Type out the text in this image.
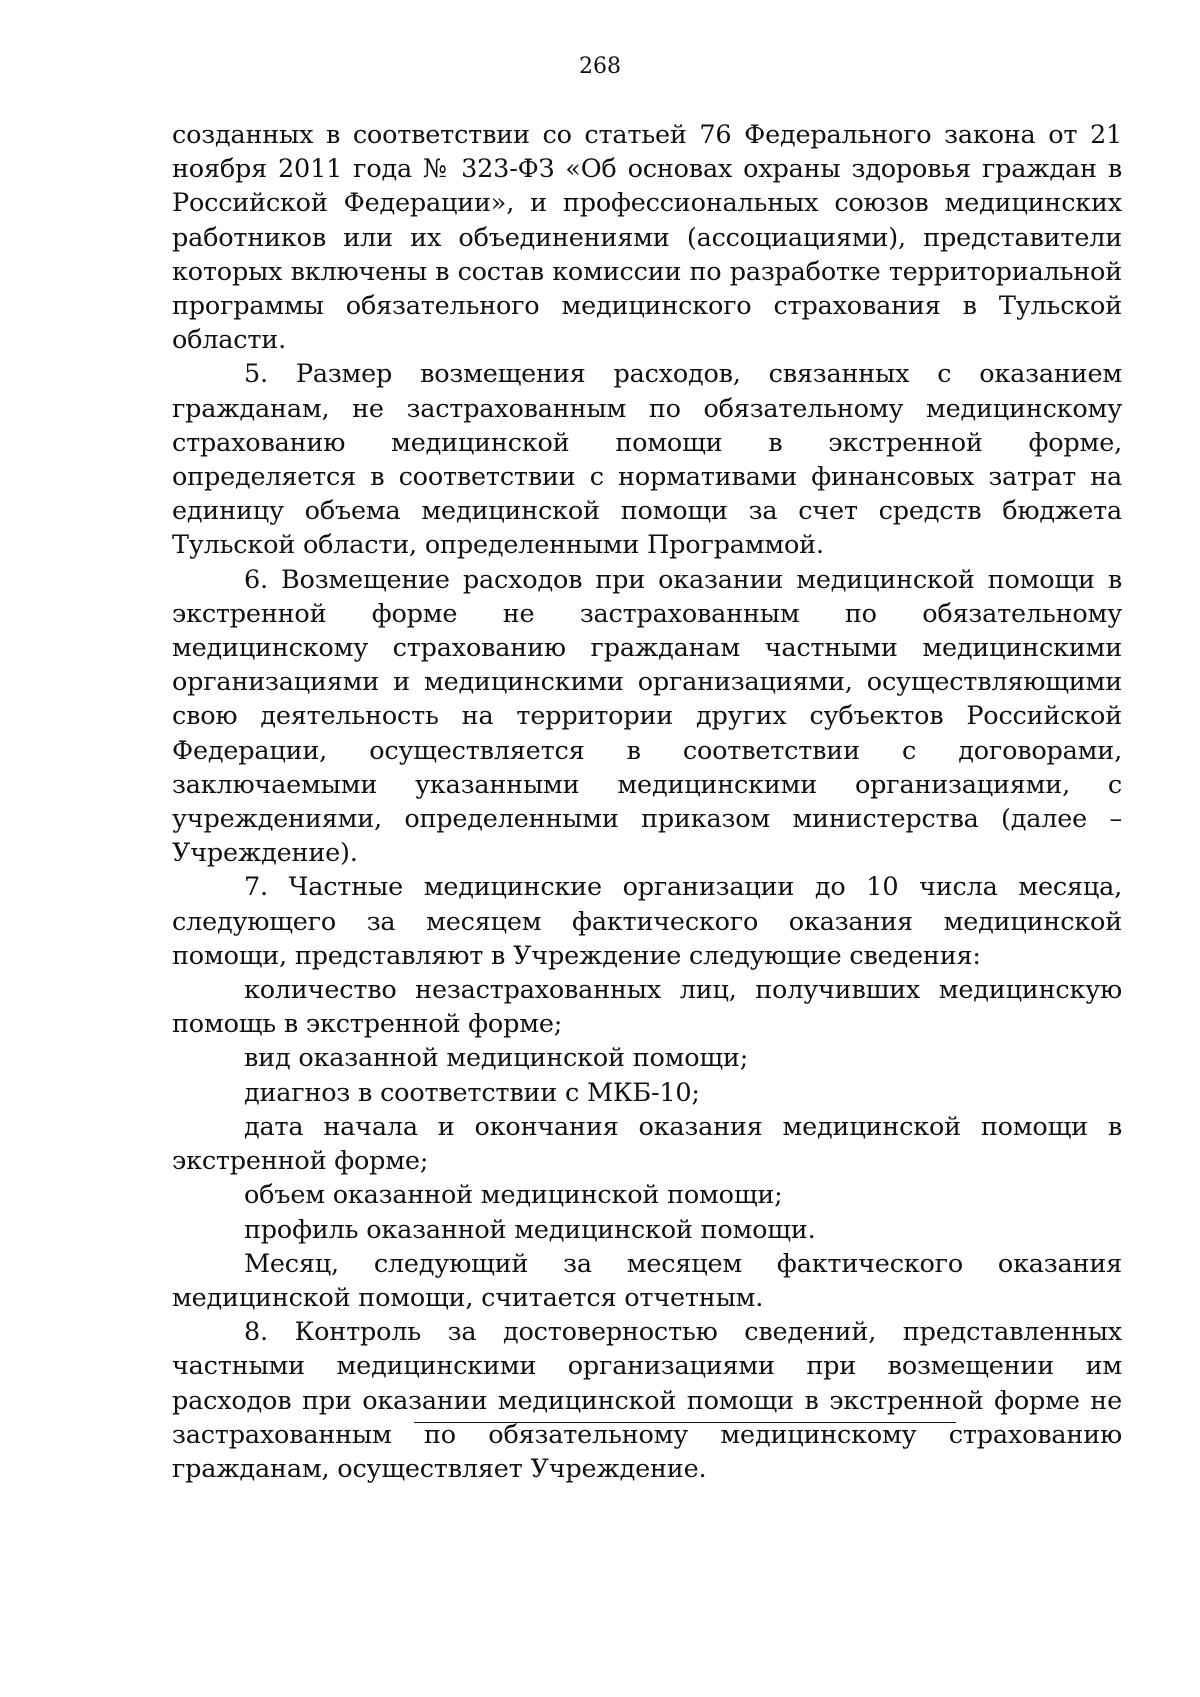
268

созданных в соответствии со статьей 76 Федерального закона от 21 ноября 2011 года № 323-ФЗ «Об основах охраны здоровья граждан в Российской Федерации», и профессиональных союзов медицинских работников или их объединениями (ассоциациями), представители которых включены в состав комиссии по разработке территориальной программы обязательного медицинского страхования в Тульской области.

5. Размер возмещения расходов, связанных с оказанием гражданам, не застрахованным по обязательному медицинскому страхованию медицинской помощи в экстренной форме, определяется в соответствии с нормативами финансовых затрат на единицу объема медицинской помощи за счет средств бюджета Тульской области, определенными Программой.

6. Возмещение расходов при оказании медицинской помощи в экстренной форме не застрахованным по обязательному медицинскому страхованию гражданам частными медицинскими организациями и медицинскими организациями, осуществляющими свою деятельность на территории других субъектов Российской Федерации, осуществляется в соответствии с договорами, заключаемыми указанными медицинскими организациями, с учреждениями, определенными приказом министерства (далее – Учреждение).

7. Частные медицинские организации до 10 числа месяца, следующего за месяцем фактического оказания медицинской помощи, представляют в Учреждение следующие сведения:

количество незастрахованных лиц, получивших медицинскую помощь в экстренной форме;

вид оказанной медицинской помощи;

диагноз в соответствии с МКБ-10;

дата начала и окончания оказания медицинской помощи в экстренной форме;

объем оказанной медицинской помощи;

профиль оказанной медицинской помощи.

Месяц, следующий за месяцем фактического оказания медицинской помощи, считается отчетным.

8. Контроль за достоверностью сведений, представленных частными медицинскими организациями при возмещении им расходов при оказании медицинской помощи в экстренной форме не застрахованным по обязательному медицинскому страхованию гражданам, осуществляет Учреждение.
